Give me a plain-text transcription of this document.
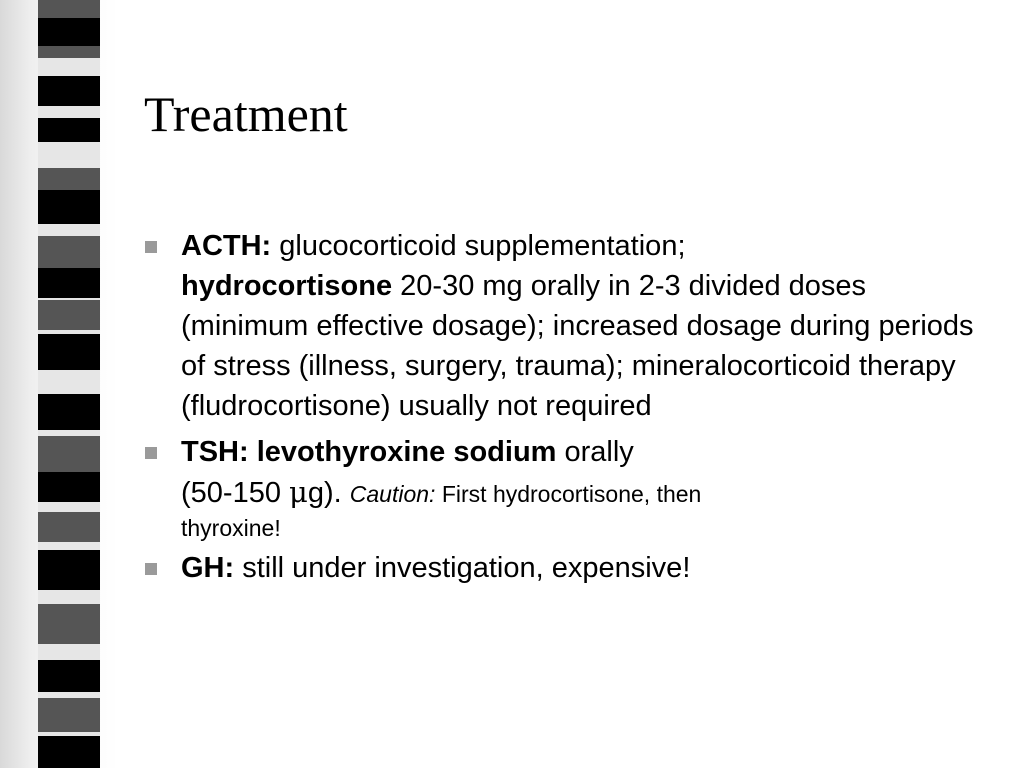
Treatment
ACTH: glucocorticoid supplementation;
hydrocortisone 20-30 mg orally in 2-3 divided doses (minimum effective dosage); increased dosage during periods of stress (illness, surgery, trauma); mineralocorticoid therapy (fludrocortisone) usually not required
TSH: levothyroxine sodium orally
(50-150 μg). Caution: First hydrocortisone, then
thyroxine!
GH: still under investigation, expensive!
